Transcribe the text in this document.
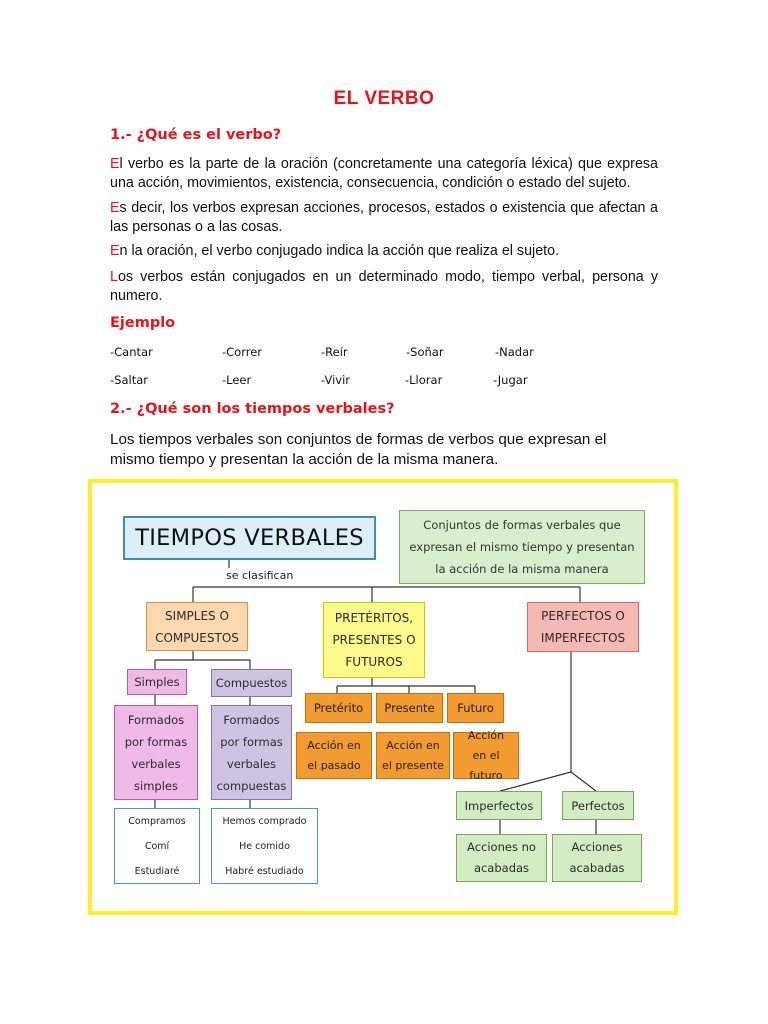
EL VERBO
1.- ¿Qué es el verbo?
El verbo es la parte de la oración (concretamente una categoría léxica) que expresa una acción, movimientos, existencia, consecuencia, condición o estado del sujeto.
Es decir, los verbos expresan acciones, procesos, estados o existencia que afectan a las personas o a las cosas.
En la oración, el verbo conjugado indica la acción que realiza el sujeto.
Los verbos están conjugados en un determinado modo, tiempo verbal, persona y numero.
Ejemplo
-Cantar	-Correr	-Reír	-Soñar	-Nadar
-Saltar	-Leer	-Vivir	-Llorar	-Jugar
2.- ¿Qué son los tiempos verbales?
Los tiempos verbales son conjuntos de formas de verbos que expresan el mismo tiempo y presentan la acción de la misma manera.
TIEMPOS VERBALES	Conjuntos de formas verbales que expresan el mismo tiempo y presentan la acción de la misma manera
se clasifican
SIMPLES O COMPUESTOS
PRETÉRITOS, PRESENTES O FUTUROS
PERFECTOS O IMPERFECTOS
Simples	Compuestos
Formados por formas verbales simples
Formados por formas verbales compuestas
Compramos
Comí
Estudiaré
Hemos comprado
He comido
Habré estudiado
Pretérito	Presente	Futuro
Acción en el pasado
Acción en el presente
Acción en el futuro
Imperfectos	Perfectos
Acciones no acabadas
Acciones acabadas
